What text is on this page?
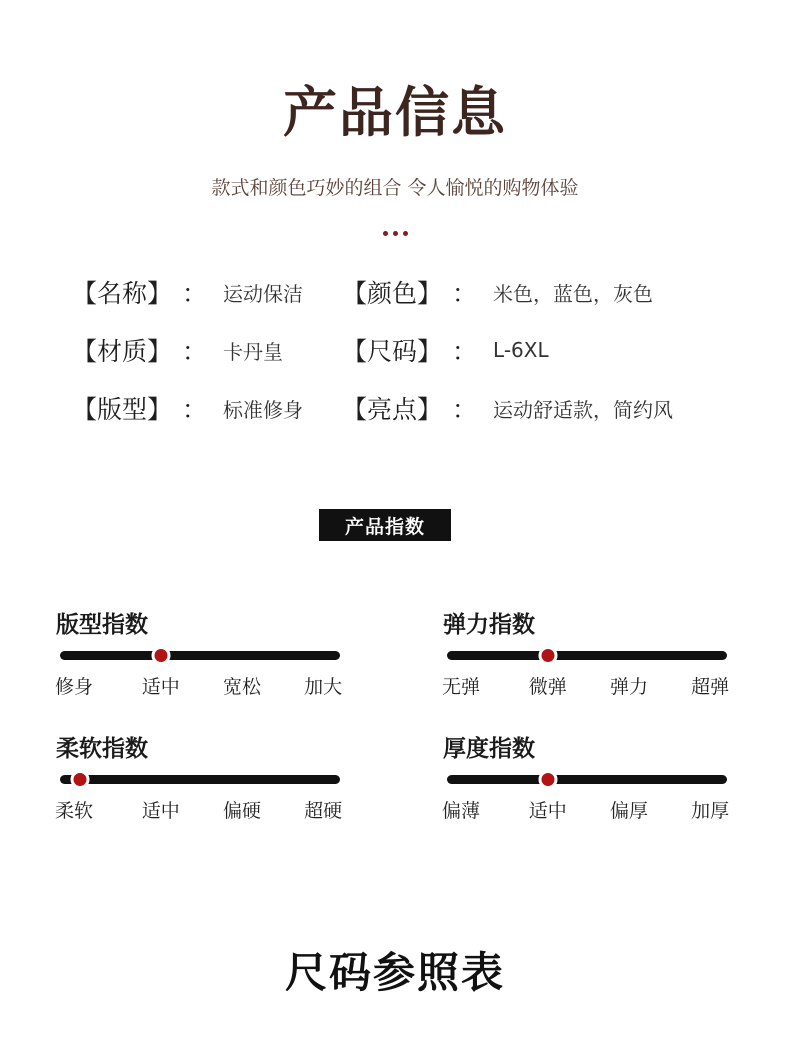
产品信息
款式和颜色巧妙的组合 令人愉悦的购物体验
【名称】 ： 运动保洁 【颜色】 ： 米色，蓝色，灰色
【材质】 ： 卡丹皇 【尺码】 ： L-6XL
【版型】 ： 标准修身 【亮点】 ： 运动舒适款，简约风
产品指数
版型指数
修身	适中 宽松 加大
弹力指数
无弹	微弹 弹力 超弹
柔软指数
柔软	适中 偏硬 超硬
厚度指数
偏薄	适中 偏厚 加厚
尺码参照表
